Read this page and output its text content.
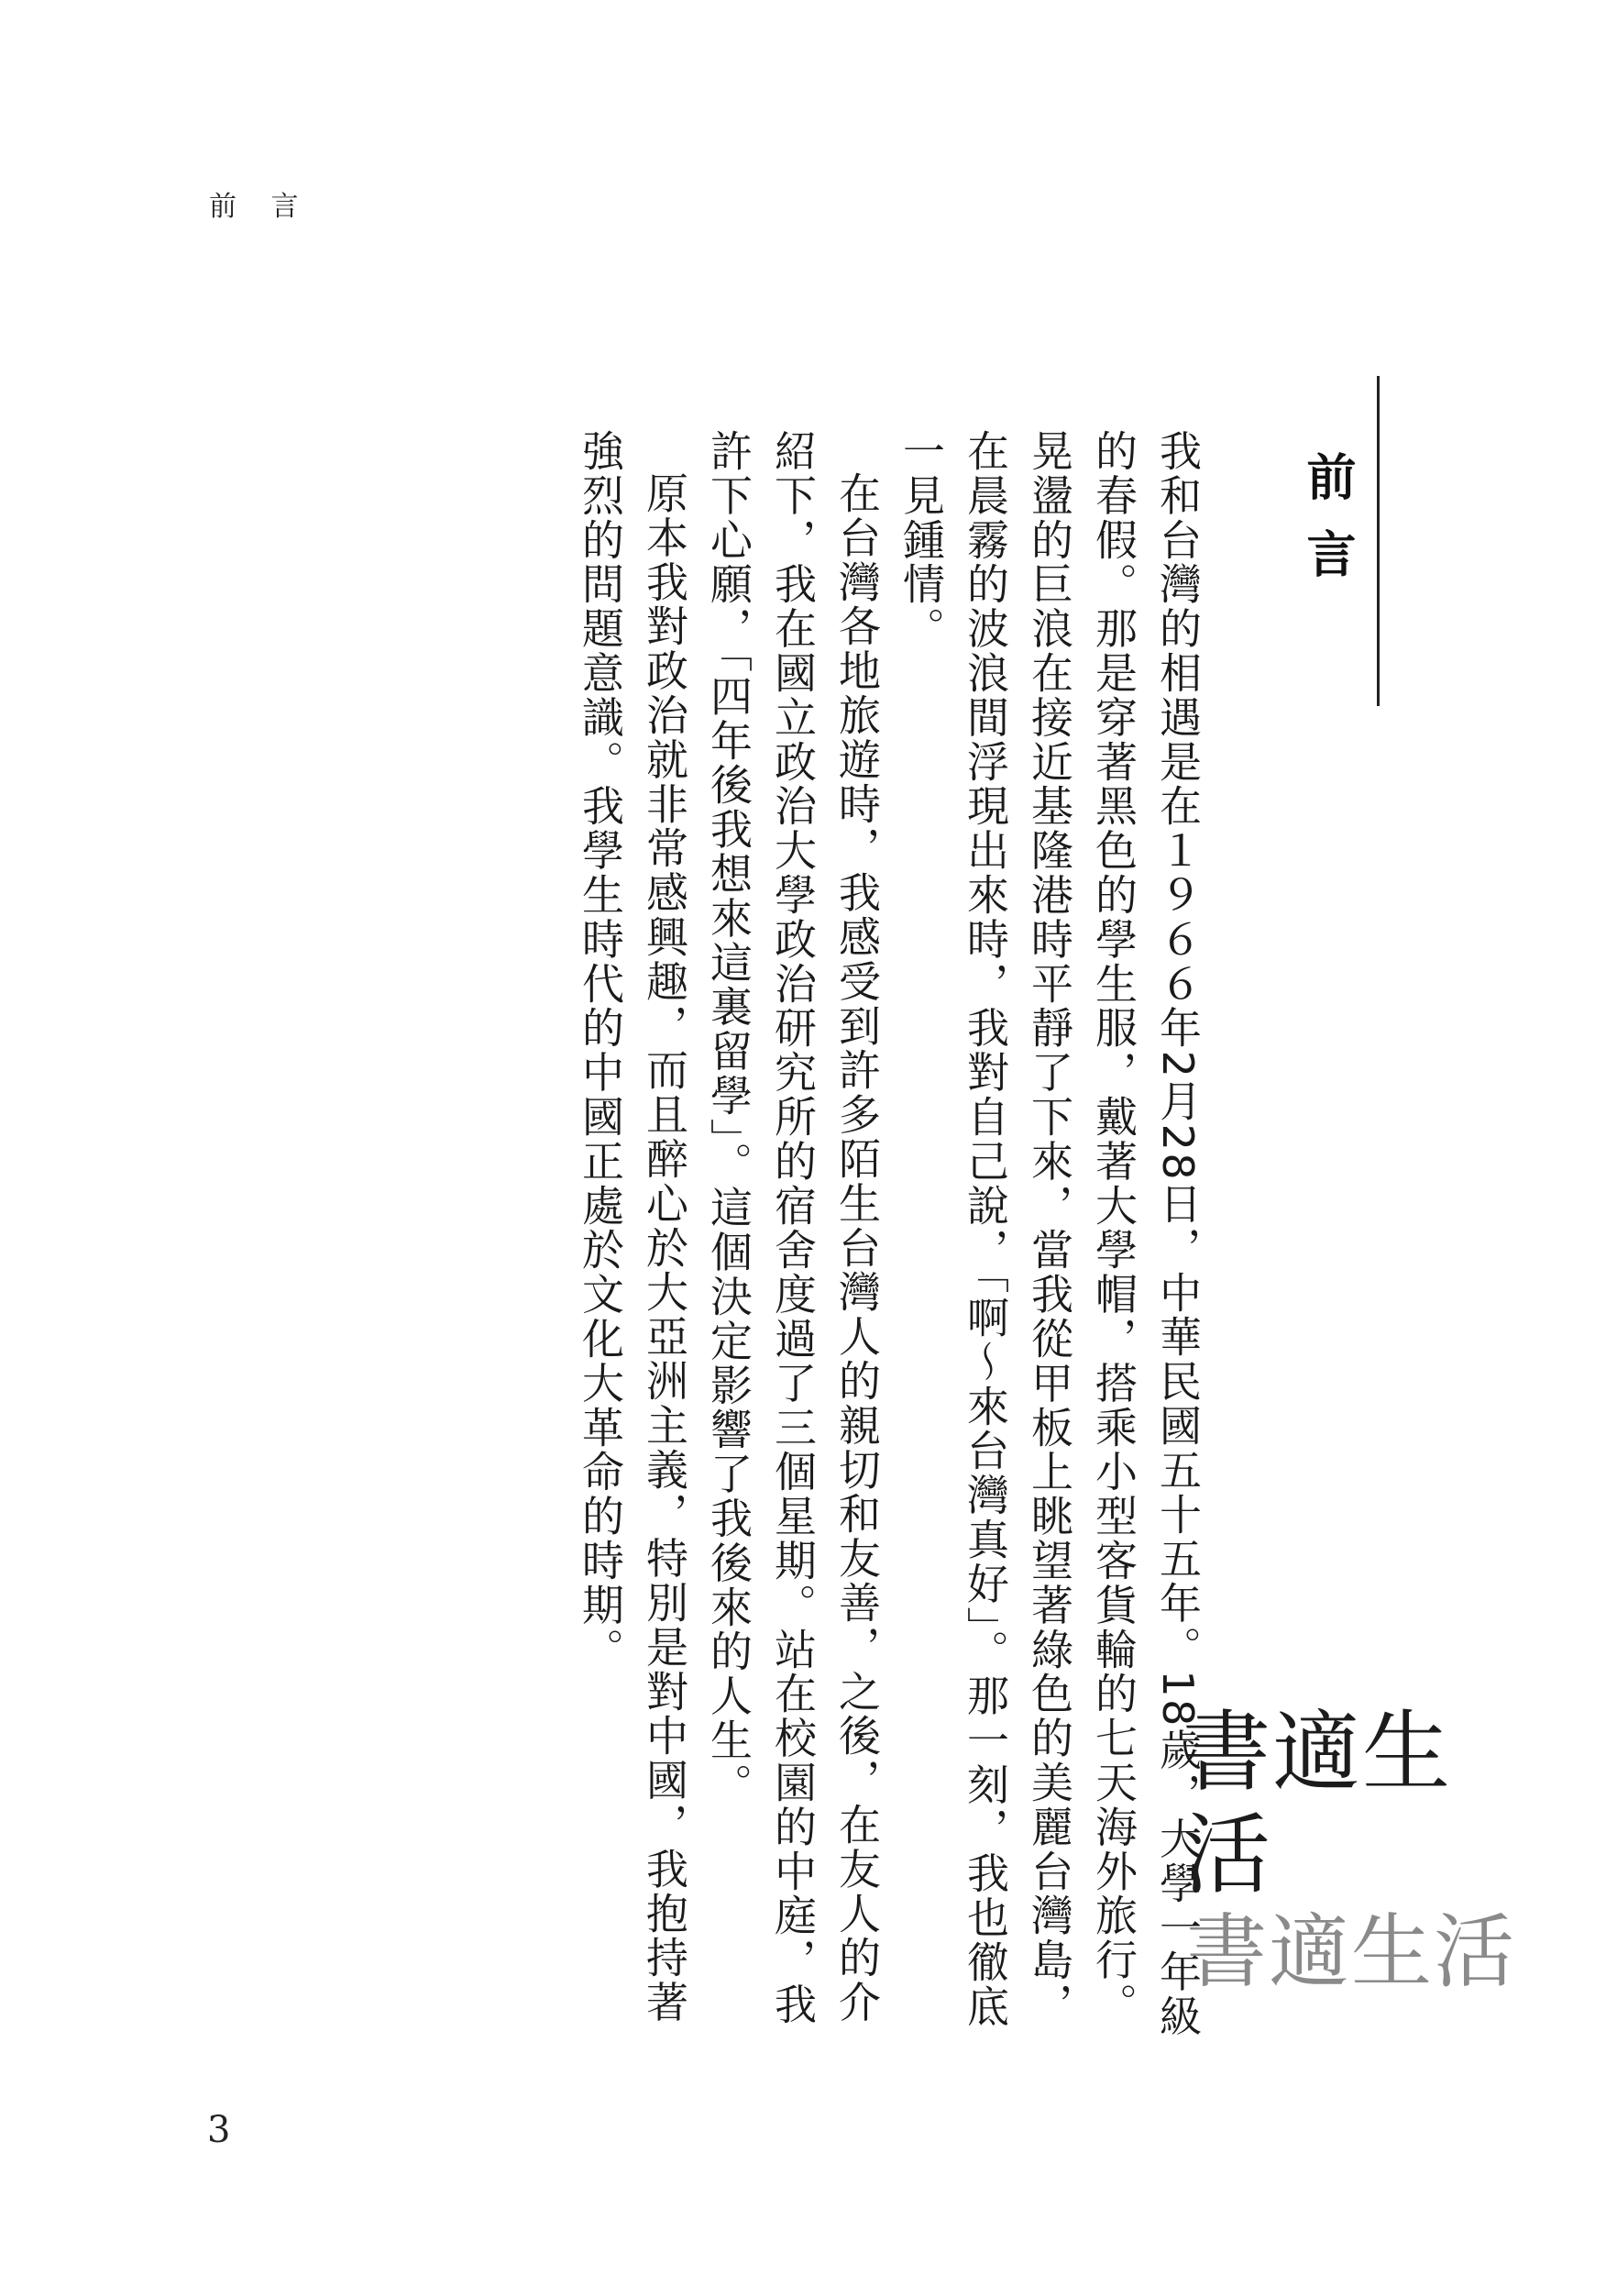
前 言
前言

我和台灣的相遇是在１９６６年2月28日，中華民國五十五年。18歲，大學一年級的春假。那是穿著黑色的學生服，戴著大學帽，搭乘小型客貨輪的七天海外旅行。晃盪的巨浪在接近基隆港時平靜了下來，當我從甲板上眺望著綠色的美麗台灣島，在晨霧的波浪間浮現出來時，我對自己說，「啊～來台灣真好」。那一刻，我也徹底一見鍾情。

在台灣各地旅遊時，我感受到許多陌生台灣人的親切和友善，之後，在友人的介紹下，我在國立政治大學政治研究所的宿舍度過了三個星期。站在校園的中庭，我許下心願，「四年後我想來這裏留學」。這個決定影響了我後來的人生。

原本我對政治就非常感興趣，而且醉心於大亞洲主義，特別是對中國，我抱持著強烈的問題意識。我學生時代的中國正處於文化大革命的時期。

書適生活
書適生活
3
